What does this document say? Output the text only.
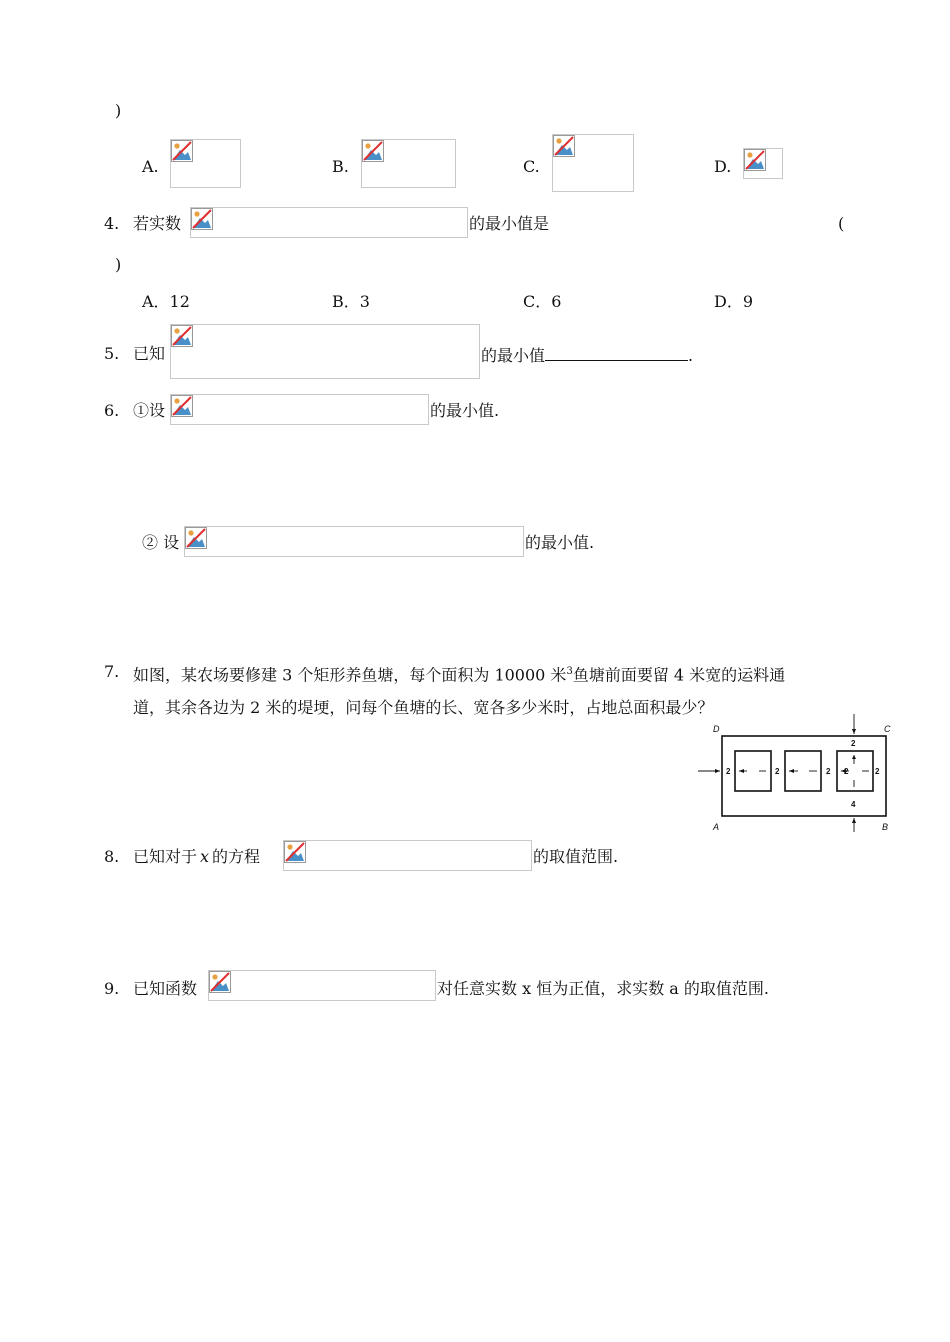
)
A.	B.	C.	D.
4. 若实数	的最小值是	(
)
A．12	B．3	C．6	D．9
5. 已知	的最小值	.
6. ①设	的最小值.
② 设	的最小值.
7. 如图，某农场要修建 3 个矩形养鱼塘，每个面积为 10000 米$^3$鱼塘前面要留 4 米宽的运料通
道，其余各边为 2 米的堤埂，问每个鱼塘的长、宽各多少米时，占地总面积最少？
D	C
A	B
2
2	2	2 2	2
4
8. 已知对于 x 的方程	的取值范围.
9. 已知函数	对任意实数 x 恒为正值，求实数 a 的取值范围.
